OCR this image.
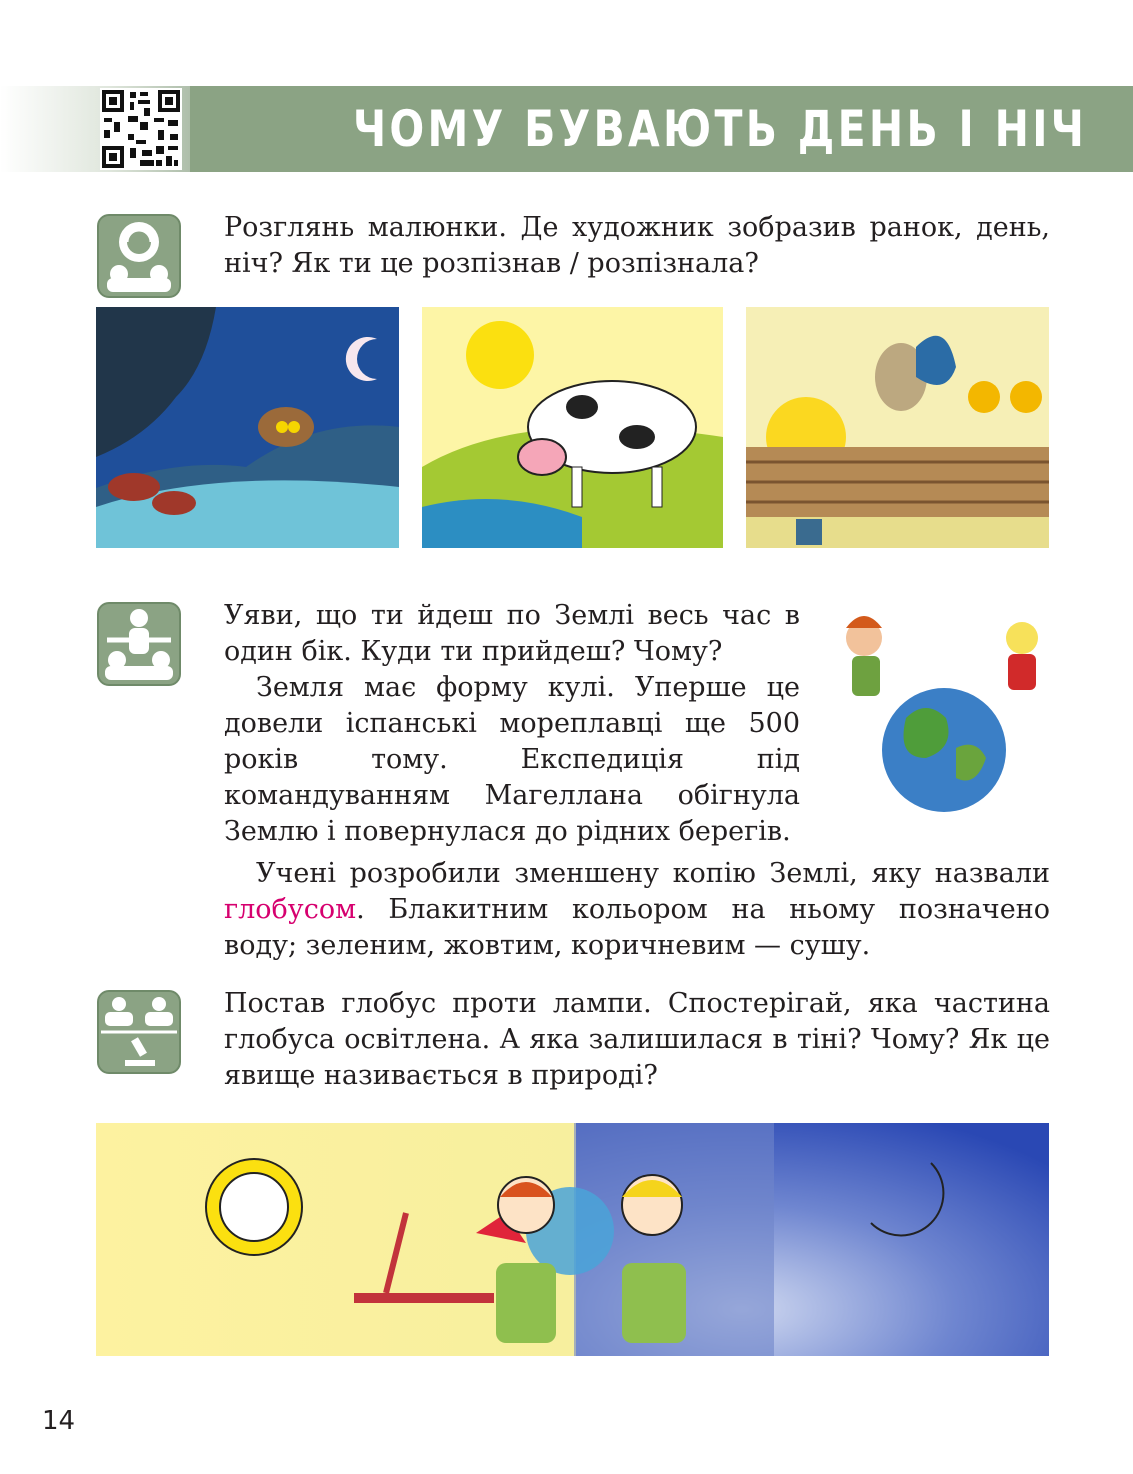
ЧОМУ БУВАЮТЬ ДЕНЬ І НІЧ
Розглянь малюнки. Де художник зобразив ранок, день, ніч? Як ти це розпізнав / розпізнала?

Уяви, що ти йдеш по Землі весь час в один бік. Куди ти прийдеш? Чому?

Земля має форму кулі. Уперше це довели іспанські мореплавці ще 500 років тому. Експедиція під командуванням Магеллана обігнула Землю і повернулася до рідних берегів.

Учені розробили зменшену копію Землі, яку назвали глобусом. Блакитним кольором на ньому позначено воду; зеленим, жовтим, коричневим — сушу.

Постав глобус проти лампи. Спостерігай, яка частина глобуса освітлена. А яка залишилася в тіні? Чому? Як це явище називається в природі?
14
